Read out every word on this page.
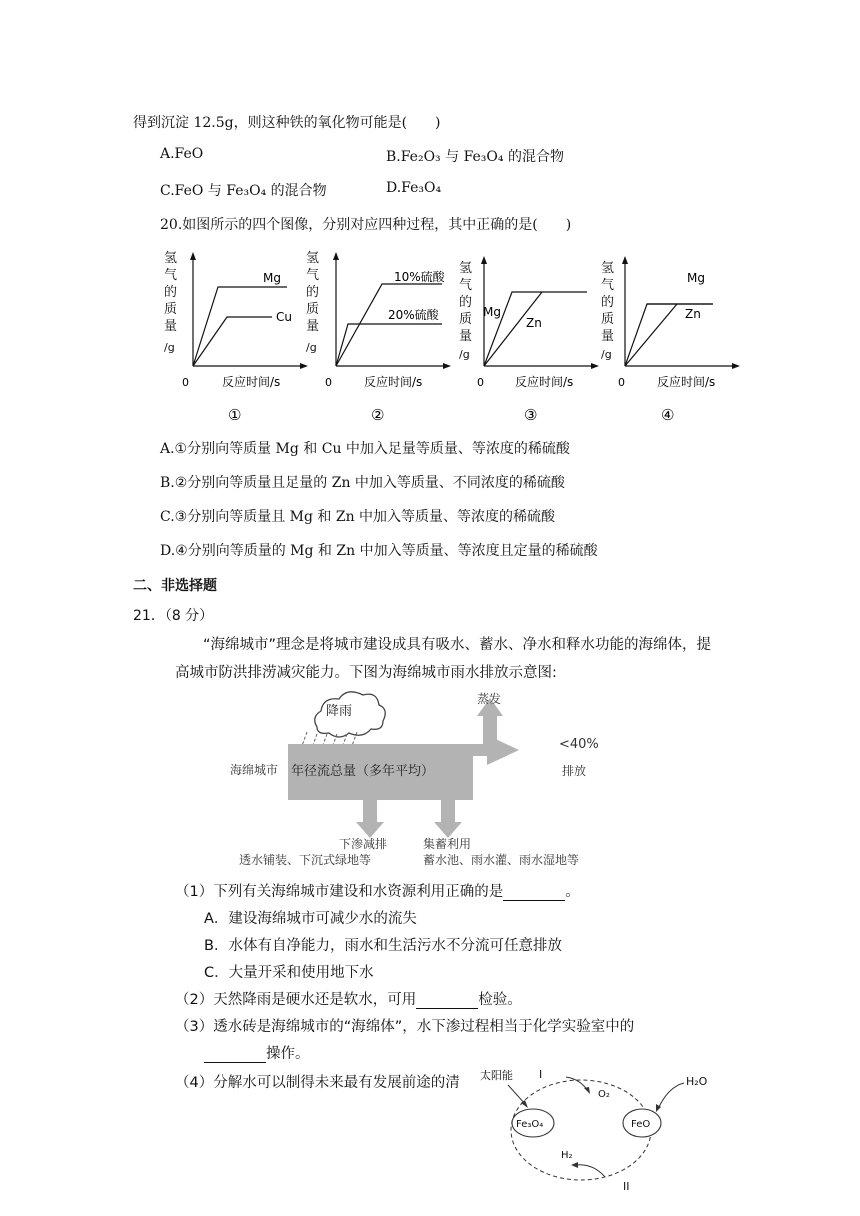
得到沉淀 12.5g，则这种铁的氧化物可能是(　　)
A.FeO	B.Fe₂O₃ 与 Fe₃O₄ 的混合物
C.FeO 与 Fe₃O₄ 的混合物	D.Fe₃O₄
20.如图所示的四个图像，分别对应四种过程，其中正确的是(　　)
氢
气
的
质
量
/g
Mg
Cu
0	反应时间/s
①
氢
气
的
质
量
/g
10%硫酸
20%硫酸
0	反应时间/s
②
氢
气
的
质
量
/g
Mg
Zn
0	反应时间/s
③
氢
气
的
质
量
/g
Mg
Zn
0	反应时间/s
④
A.①分别向等质量 Mg 和 Cu 中加入足量等质量、等浓度的稀硫酸
B.②分别向等质量且足量的 Zn 中加入等质量、不同浓度的稀硫酸
C.③分别向等质量且 Mg 和 Zn 中加入等质量、等浓度的稀硫酸
D.④分别向等质量的 Mg 和 Zn 中加入等质量、等浓度且定量的稀硫酸
二、非选择题
21．（8 分）
“海绵城市”理念是将城市建设成具有吸水、蓄水、净水和释水功能的海绵体，提
高城市防洪排涝减灾能力。下图为海绵城市雨水排放示意图:
降雨
年径流总量（多年平均）
海绵城市
蒸发
<40%
排放
下渗减排
透水铺装、下沉式绿地等
集蓄利用
蓄水池、雨水灌、雨水湿地等
（1）下列有关海绵城市建设和水资源利用正确的是	。
A．建设海绵城市可减少水的流失
B．水体有自净能力，雨水和生活污水不分流可任意排放
C．大量开采和使用地下水
（2）天然降雨是硬水还是软水，可用	检验。
（3）透水砖是海绵城市的“海绵体”，水下渗过程相当于化学实验室中的
操作。
（4）分解水可以制得未来最有发展前途的清
Fe₃O₄	FeO
太阳能 I
O₂
H₂O
H₂
II
